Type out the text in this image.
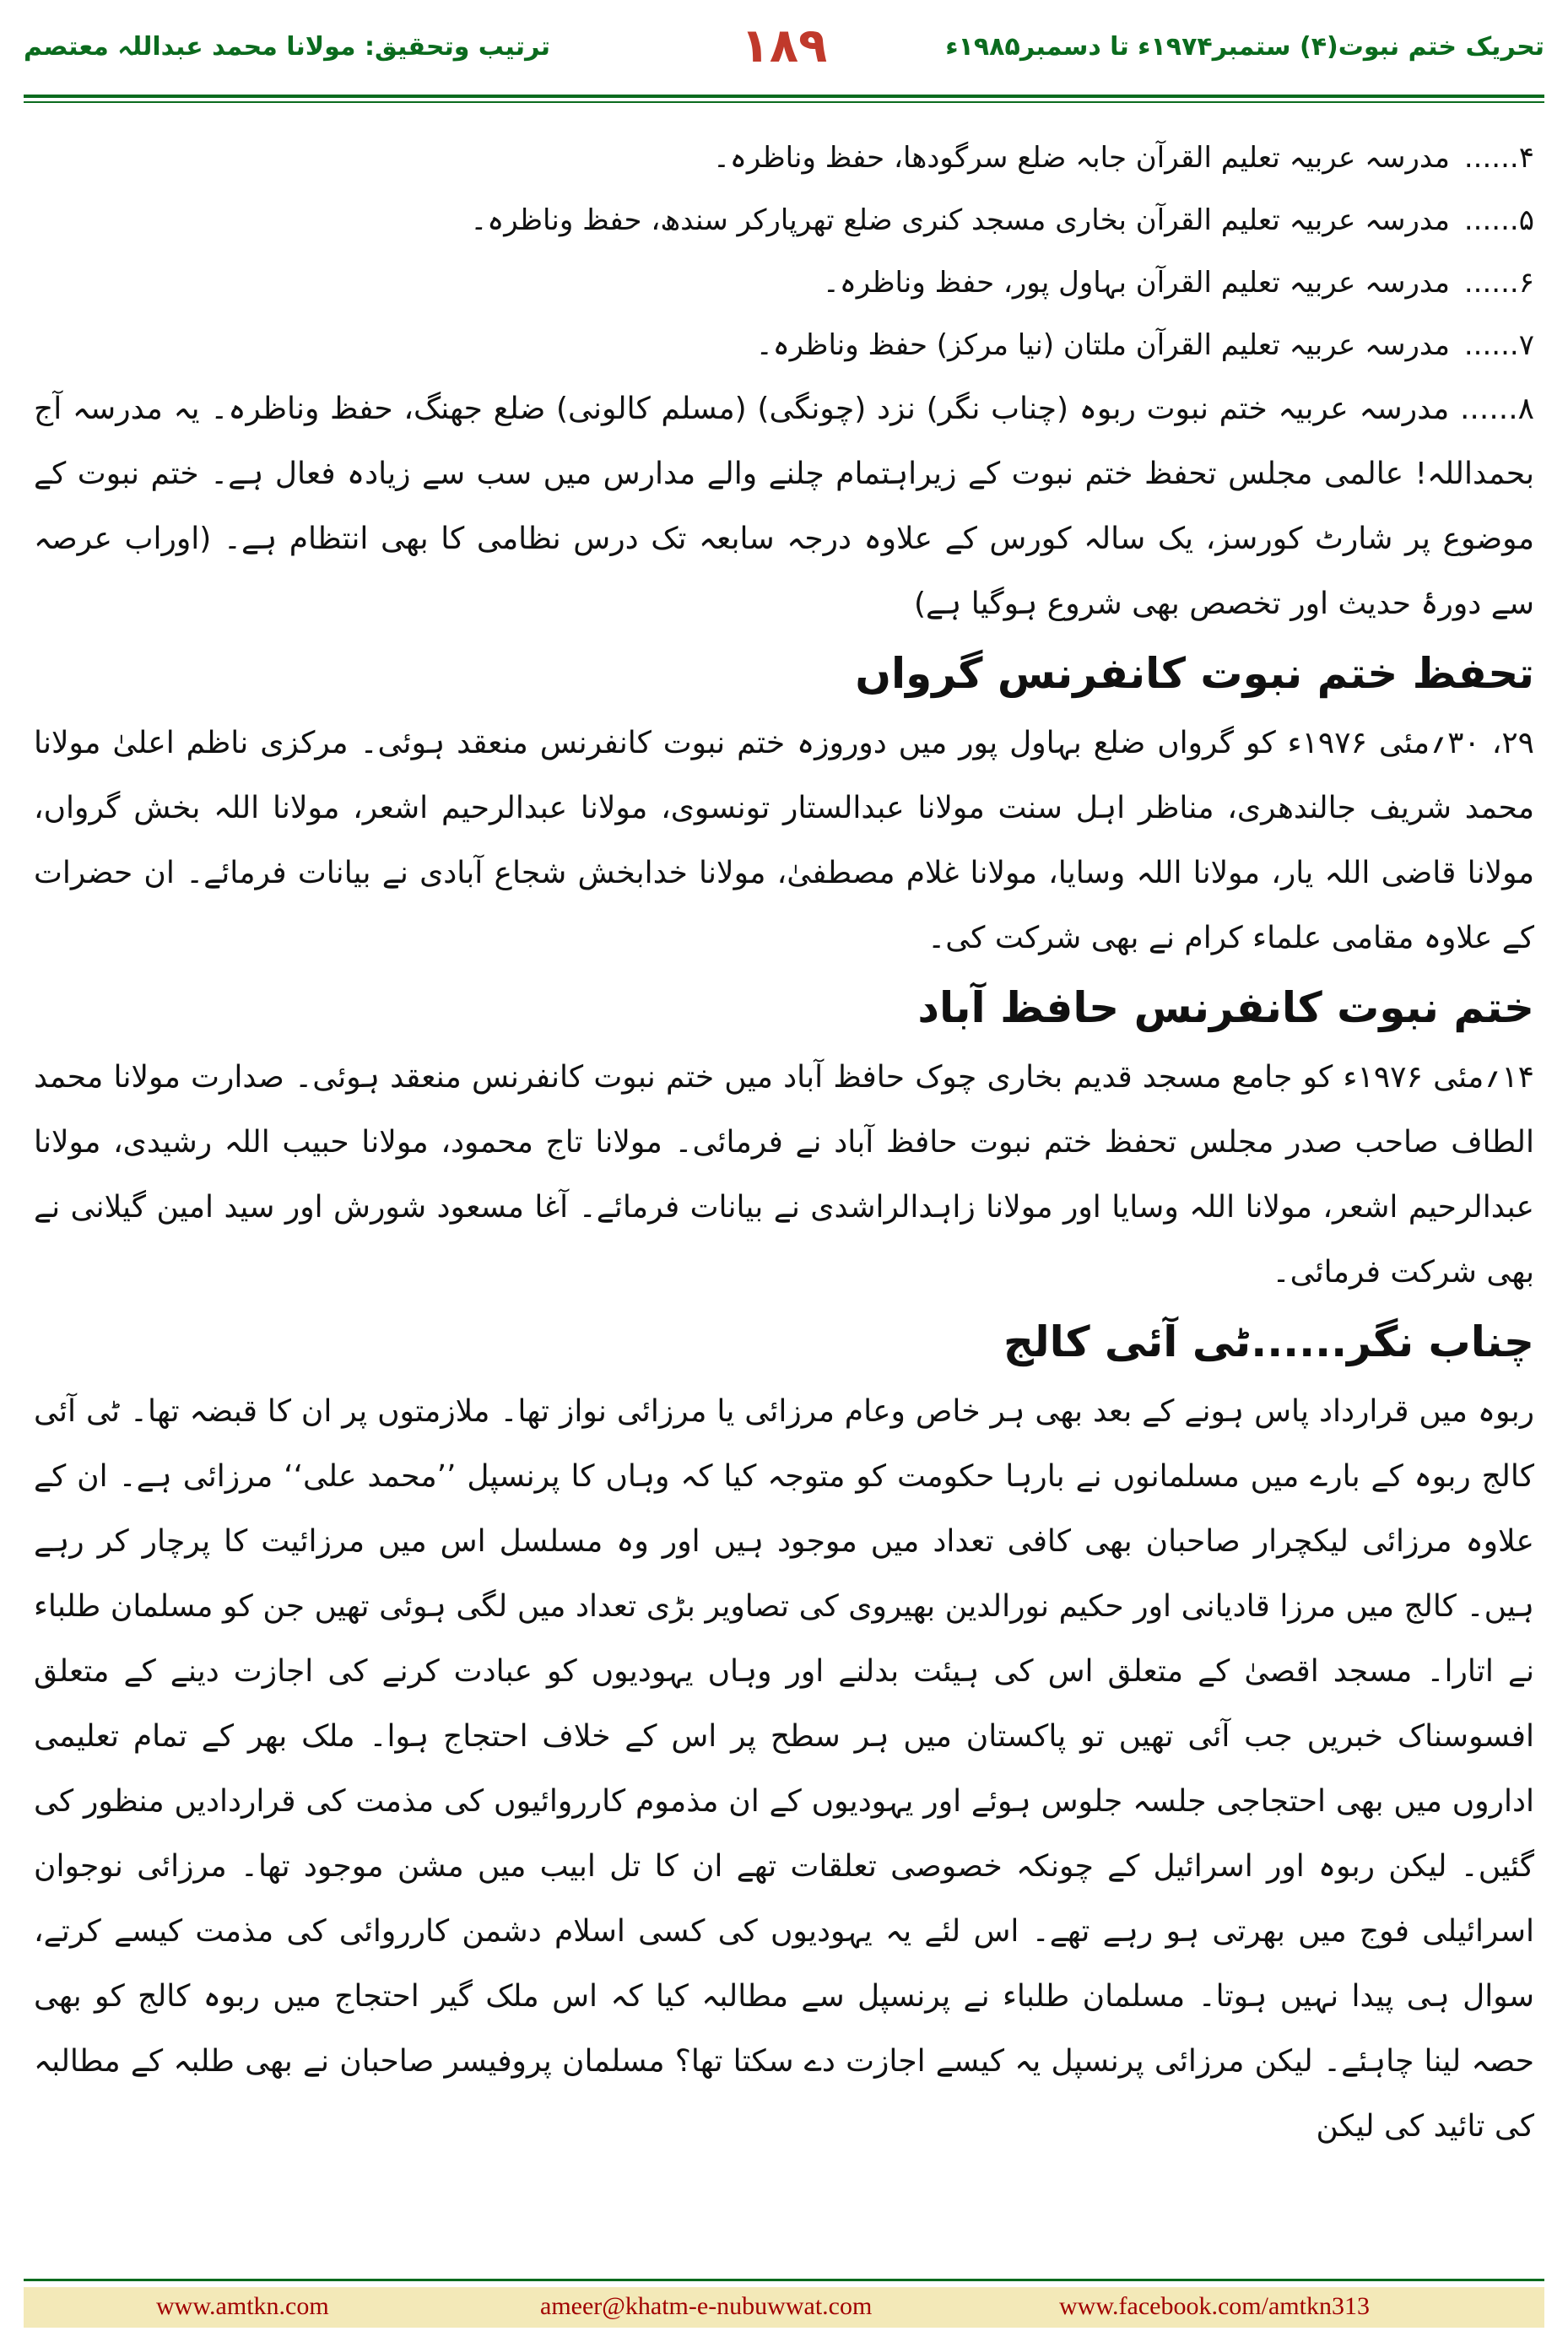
تحریک ختم نبوت(۴) ستمبر۱۹۷۴ء تا دسمبر۱۹۸۵ء
۱۸۹
ترتیب وتحقیق: مولانا محمد عبداللہ معتصم
۴......مدرسہ عربیہ تعلیم القرآن جابہ ضلع سرگودھا، حفظ وناظرہ۔
۵......مدرسہ عربیہ تعلیم القرآن بخاری مسجد کنری ضلع تھرپارکر سندھ، حفظ وناظرہ۔
۶......مدرسہ عربیہ تعلیم القرآن بہاول پور، حفظ وناظرہ۔
۷......مدرسہ عربیہ تعلیم القرآن ملتان (نیا مرکز) حفظ وناظرہ۔

۸...... مدرسہ عربیہ ختم نبوت ربوہ (چناب نگر) نزد (چونگی) (مسلم کالونی) ضلع جھنگ، حفظ وناظرہ۔ یہ مدرسہ آج بحمداللہ! عالمی مجلس تحفظ ختم نبوت کے زیراہتمام چلنے والے مدارس میں سب سے زیادہ فعال ہے۔ ختم نبوت کے موضوع پر شارٹ کورسز، یک سالہ کورس کے علاوہ درجہ سابعہ تک درس نظامی کا بھی انتظام ہے۔ (اوراب عرصہ سے دورۂ حدیث اور تخصص بھی شروع ہوگیا ہے)

تحفظ ختم نبوت کانفرنس گرواں

۲۹، ۳۰؍مئی ۱۹۷۶ء کو گرواں ضلع بہاول پور میں دوروزہ ختم نبوت کانفرنس منعقد ہوئی۔ مرکزی ناظم اعلیٰ مولانا محمد شریف جالندھری، مناظر اہل سنت مولانا عبدالستار تونسوی، مولانا عبدالرحیم اشعر، مولانا اللہ بخش گرواں، مولانا قاضی اللہ یار، مولانا اللہ وسایا، مولانا غلام مصطفیٰ، مولانا خدابخش شجاع آبادی نے بیانات فرمائے۔ ان حضرات کے علاوہ مقامی علماء کرام نے بھی شرکت کی۔

ختم نبوت کانفرنس حافظ آباد

۱۴؍مئی ۱۹۷۶ء کو جامع مسجد قدیم بخاری چوک حافظ آباد میں ختم نبوت کانفرنس منعقد ہوئی۔ صدارت مولانا محمد الطاف صاحب صدر مجلس تحفظ ختم نبوت حافظ آباد نے فرمائی۔ مولانا تاج محمود، مولانا حبیب اللہ رشیدی، مولانا عبدالرحیم اشعر، مولانا اللہ وسایا اور مولانا زاہدالراشدی نے بیانات فرمائے۔ آغا مسعود شورش اور سید امین گیلانی نے بھی شرکت فرمائی۔

چناب نگر......ٹی آئی کالج

ربوہ میں قرارداد پاس ہونے کے بعد بھی ہر خاص وعام مرزائی یا مرزائی نواز تھا۔ ملازمتوں پر ان کا قبضہ تھا۔ ٹی آئی کالج ربوہ کے بارے میں مسلمانوں نے بارہا حکومت کو متوجہ کیا کہ وہاں کا پرنسپل ’’محمد علی‘‘ مرزائی ہے۔ ان کے علاوہ مرزائی لیکچرار صاحبان بھی کافی تعداد میں موجود ہیں اور وہ مسلسل اس میں مرزائیت کا پرچار کر رہے ہیں۔ کالج میں مرزا قادیانی اور حکیم نورالدین بھیروی کی تصاویر بڑی تعداد میں لگی ہوئی تھیں جن کو مسلمان طلباء نے اتارا۔ مسجد اقصیٰ کے متعلق اس کی ہیئت بدلنے اور وہاں یہودیوں کو عبادت کرنے کی اجازت دینے کے متعلق افسوسناک خبریں جب آئی تھیں تو پاکستان میں ہر سطح پر اس کے خلاف احتجاج ہوا۔ ملک بھر کے تمام تعلیمی اداروں میں بھی احتجاجی جلسہ جلوس ہوئے اور یہودیوں کے ان مذموم کارروائیوں کی مذمت کی قراردادیں منظور کی گئیں۔ لیکن ربوہ اور اسرائیل کے چونکہ خصوصی تعلقات تھے ان کا تل ابیب میں مشن موجود تھا۔ مرزائی نوجوان اسرائیلی فوج میں بھرتی ہو رہے تھے۔ اس لئے یہ یہودیوں کی کسی اسلام دشمن کارروائی کی مذمت کیسے کرتے، سوال ہی پیدا نہیں ہوتا۔ مسلمان طلباء نے پرنسپل سے مطالبہ کیا کہ اس ملک گیر احتجاج میں ربوہ کالج کو بھی حصہ لینا چاہئے۔ لیکن مرزائی پرنسپل یہ کیسے اجازت دے سکتا تھا؟ مسلمان پروفیسر صاحبان نے بھی طلبہ کے مطالبہ کی تائید کی لیکن

www.amtkn.com	ameer@khatm-e-nubuwwat.com	www.facebook.com/amtkn313
